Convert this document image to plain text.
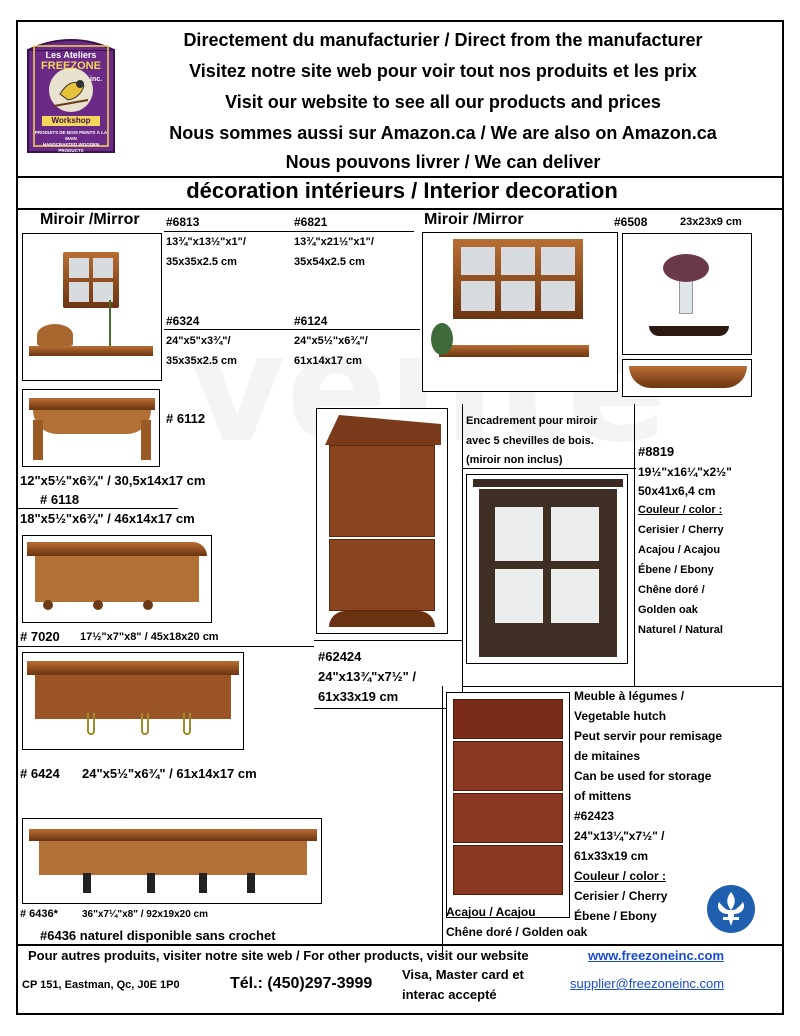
Les Ateliers
FREEZONE
inc.
Workshop
PRODUITS DE BOIS PEINTS À LA MAIN
HANDCRAFTED WOODEN PRODUCTS
Directement du manufacturier / Direct from the manufacturer
Visitez notre site web pour voir tout nos produits et les prix
Visit our website to see all our products and prices
Nous sommes aussi sur Amazon.ca / We are also on Amazon.ca
Nous pouvons livrer / We can deliver
décoration intérieurs / Interior decoration
Miroir /Mirror #6813
13¾"x13½"x1"/
35x35x2.5 cm
#6821
13¾"x21½"x1"/
35x54x2.5 cm
#6324
24"x5"x3¾"/
35x35x2.5 cm
#6124
24"x5½"x6¾"/
61x14x17 cm
Miroir /Mirror	#6508	23x23x9 cm
# 6112
12"x5½"x6¾" / 30,5x14x17 cm
# 6118
18"x5½"x6¾" / 46x14x17 cm
# 7020 17½"x7"x8" / 45x18x20 cm
# 6424 24"x5½"x6¾" / 61x14x17 cm
# 6436* 36"x7¼"x8" / 92x19x20 cm
#6436 naturel disponible sans crochet
#62424
24"x13¾"x7½" /
61x33x19 cm
Encadrement pour miroir
avec 5 chevilles de bois.
(miroir non inclus)
#8819
19½"x16¼"x2½"
50x41x6,4 cm
Couleur / color :
Cerisier / Cherry
Acajou / Acajou
Ébene / Ebony
Chêne doré /
Golden oak
Naturel / Natural
Meuble à légumes /
Vegetable hutch
Peut servir pour remisage
de mitaines
Can be used for storage
of mittens
#62423
24"x13¼"x7½" /
61x33x19 cm
Couleur / color :
Cerisier / Cherry
Ébene / Ebony
Acajou / Acajou
Chêne doré / Golden oak
Pour autres produits, visiter notre site web / For other products, visit our website	www.freezoneinc.com
CP 151, Eastman, Qc, J0E 1P0	Tél.: (450)297-3999
Visa, Master card et
interac accepté
supplier@freezoneinc.com
